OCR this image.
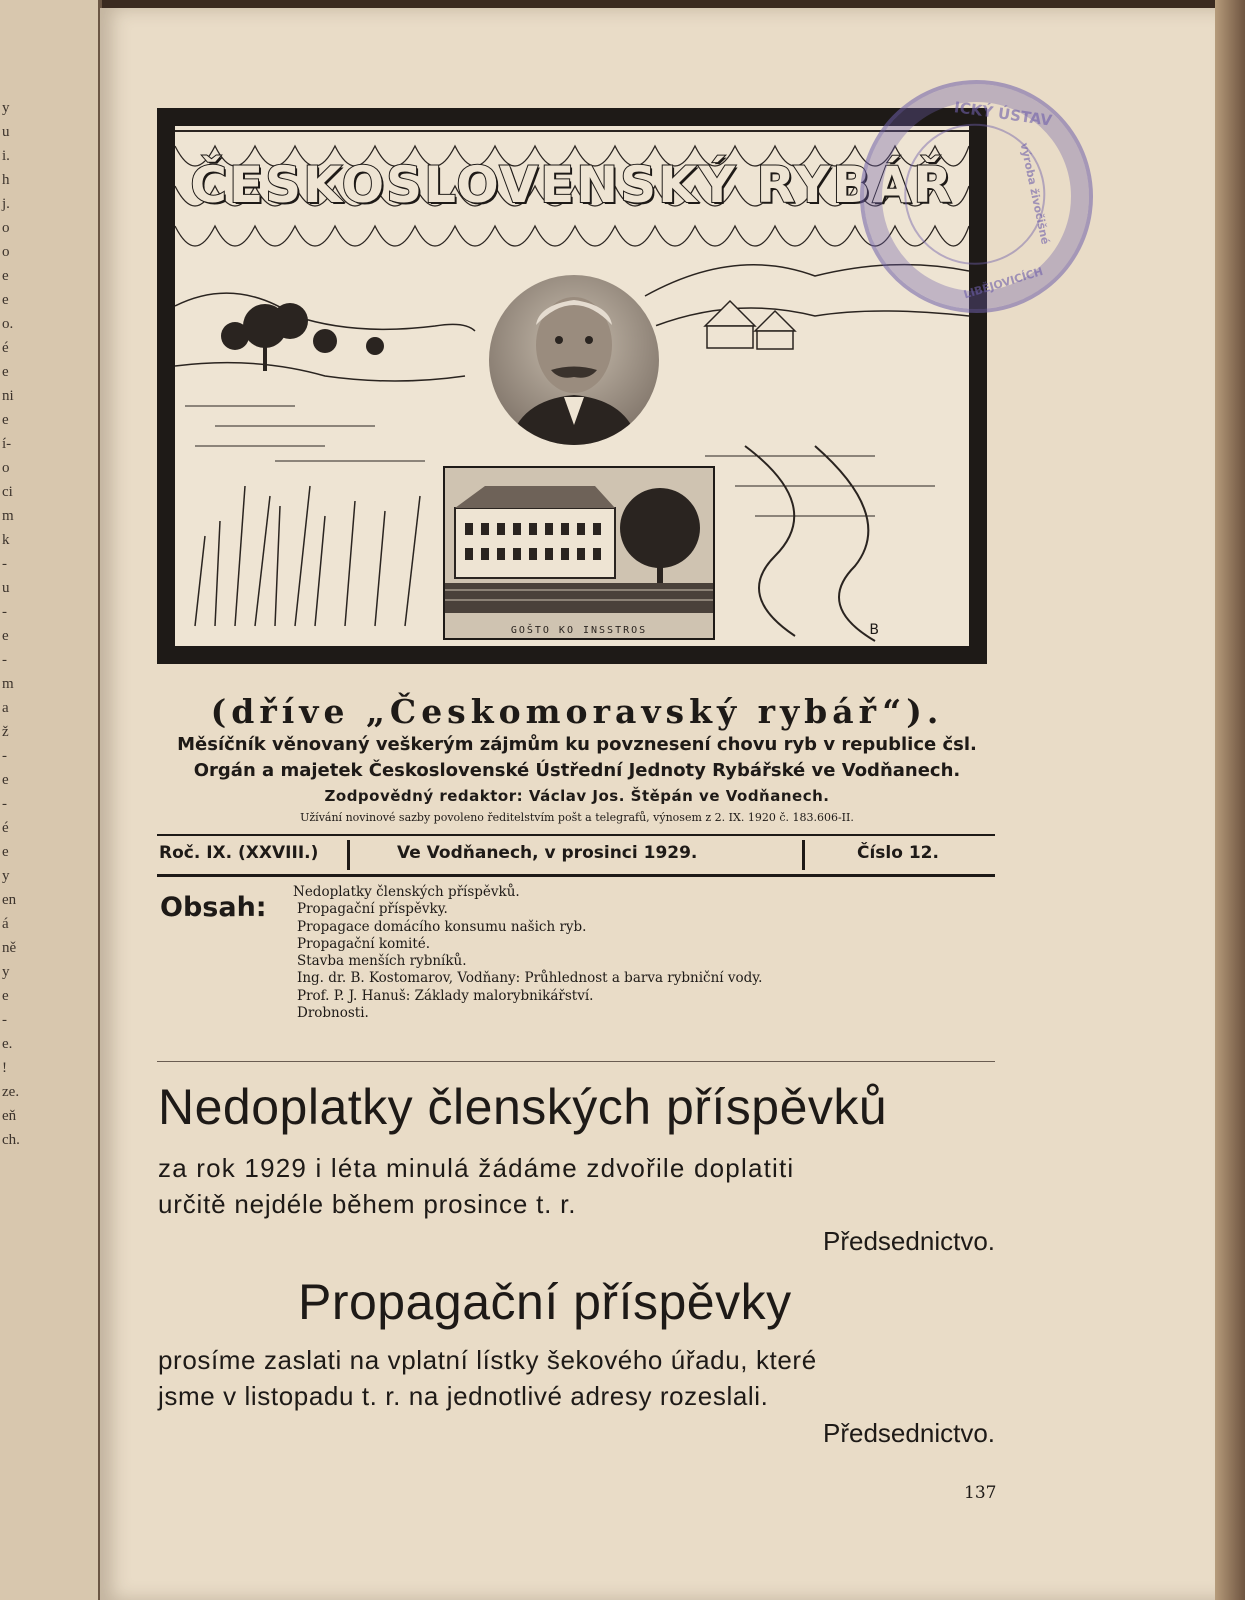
y
u
i.
h
j.
o
o
e
e
o.
é
e
ni
e
í-
o
ci
m
k
-
u
-
e
-
m
a
ž
-
e
-
é
e
y
en
á
ně
y
e
-
e.
!
ze.
eň
ch.
ČESKOSLOVENSKÝ RYBÁŘ
GOŠTO KO INSSTROS	B
ICKÝ ÚSTAV
výroba živočišné
LIBĚJOVICÍCH
(dříve „Českomoravský rybář“).
Měsíčník věnovaný veškerým zájmům ku povznesení chovu ryb v republice čsl.
Orgán a majetek Československé Ústřední Jednoty Rybářské ve Vodňanech.
Zodpovědný redaktor: Václav Jos. Štěpán ve Vodňanech.
Užívání novinové sazby povoleno ředitelstvím pošt a telegrafů, výnosem z 2. IX. 1920 č. 183.606-II.
Roč. IX. (XXVIII.)	Ve Vodňanech, v prosinci 1929.	Číslo 12.
Obsah: Nedoplatky členských příspěvků.
Propagační příspěvky.
Propagace domácího konsumu našich ryb.
Propagační komité.
Stavba menších rybníků.
Ing. dr. B. Kostomarov, Vodňany: Průhlednost a barva rybniční vody.
Prof. P. J. Hanuš: Základy malorybnikářství.
Drobnosti.
Nedoplatky členských příspěvků
za rok 1929 i léta minulá žádáme zdvořile doplatiti
určitě nejdéle během prosince t. r.
Předsednictvo.
Propagační příspěvky
prosíme zaslati na vplatní lístky šekového úřadu, které
jsme v listopadu t. r. na jednotlivé adresy rozeslali.
Předsednictvo.
137
